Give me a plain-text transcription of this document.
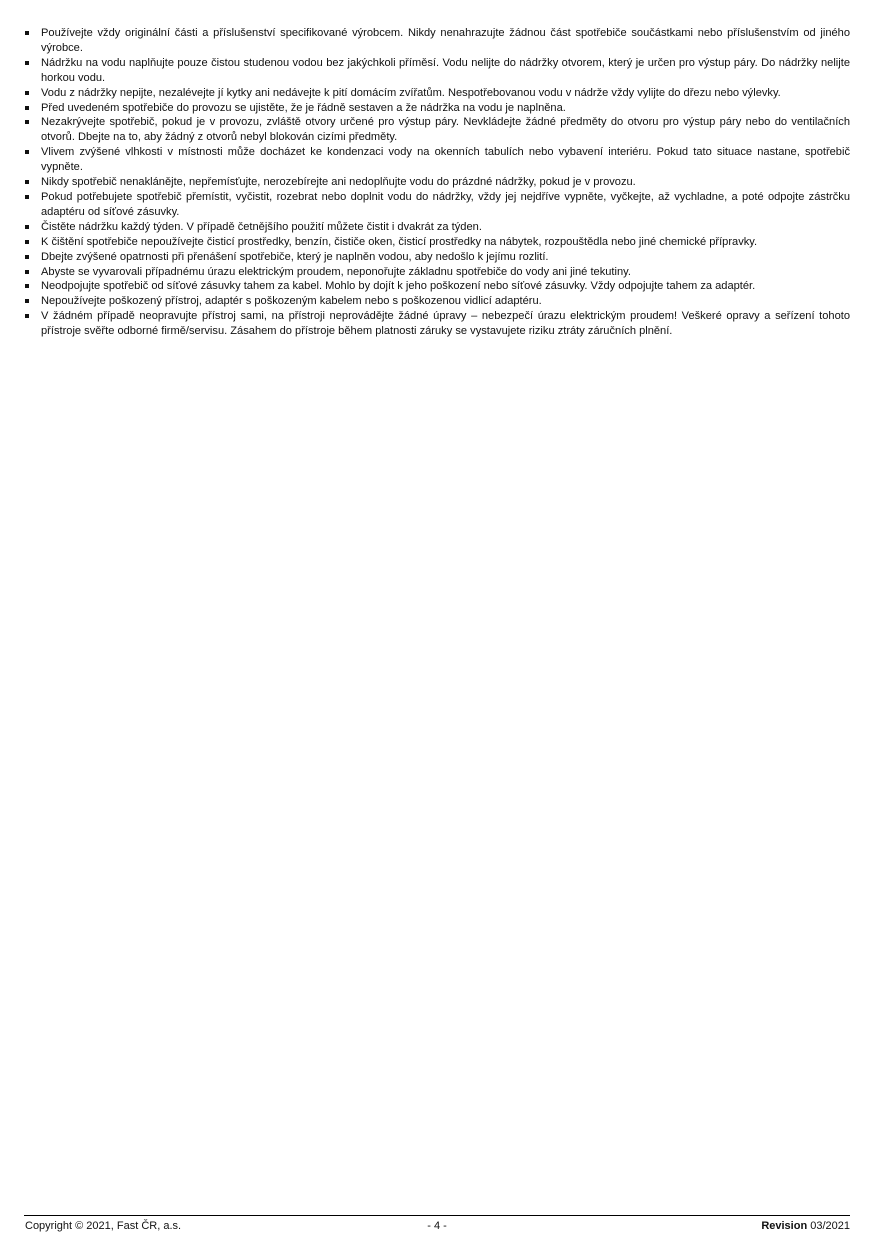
Používejte vždy originální části a příslušenství specifikované výrobcem. Nikdy nenahrazujte žádnou část spotřebiče součástkami nebo příslušenstvím od jiného výrobce.
Nádržku na vodu naplňujte pouze čistou studenou vodou bez jakýchkoli příměsí. Vodu nelijte do nádržky otvorem, který je určen pro výstup páry. Do nádržky nelijte horkou vodu.
Vodu z nádržky nepijte, nezalévejte jí kytky ani nedávejte k pití domácím zvířatům. Nespotřebovanou vodu v nádrže vždy vylijte do dřezu nebo výlevky.
Před uvedeném spotřebiče do provozu se ujistěte, že je řádně sestaven a že nádržka na vodu je naplněna.
Nezakrývejte spotřebič, pokud je v provozu, zvláště otvory určené pro výstup páry. Nevkládejte žádné předměty do otvoru pro výstup páry nebo do ventilačních otvorů. Dbejte na to, aby žádný z otvorů nebyl blokován cizími předměty.
Vlivem zvýšené vlhkosti v místnosti může docházet ke kondenzaci vody na okenních tabulích nebo vybavení interiéru. Pokud tato situace nastane, spotřebič vypněte.
Nikdy spotřebič nenaklánějte, nepřemísťujte, nerozebírejte ani nedoplňujte vodu do prázdné nádržky, pokud je v provozu.
Pokud potřebujete spotřebič přemístit, vyčistit, rozebrat nebo doplnit vodu do nádržky, vždy jej nejdříve vypněte, vyčkejte, až vychladne, a poté odpojte zástrčku adaptéru od síťové zásuvky.
Čistěte nádržku každý týden. V případě četnějšího použití můžete čistit i dvakrát za týden.
K čištění spotřebiče nepoužívejte čisticí prostředky, benzín, čističe oken, čisticí prostředky na nábytek, rozpouštědla nebo jiné chemické přípravky.
Dbejte zvýšené opatrnosti při přenášení spotřebiče, který je naplněn vodou, aby nedošlo k jejímu rozlití.
Abyste se vyvarovali případnému úrazu elektrickým proudem, neponořujte základnu spotřebiče do vody ani jiné tekutiny.
Neodpojujte spotřebič od síťové zásuvky tahem za kabel. Mohlo by dojít k jeho poškození nebo síťové zásuvky. Vždy odpojujte tahem za adaptér.
Nepoužívejte poškozený přístroj, adaptér s poškozeným kabelem nebo s poškozenou vidlicí adaptéru.
V žádném případě neopravujte přístroj sami, na přístroji neprovádějte žádné úpravy – nebezpečí úrazu elektrickým proudem! Veškeré opravy a seřízení tohoto přístroje svěřte odborné firmě/servisu. Zásahem do přístroje během platnosti záruky se vystavujete riziku ztráty záručních plnění.
Copyright © 2021, Fast ČR, a.s.	- 4 -	Revision 03/2021
